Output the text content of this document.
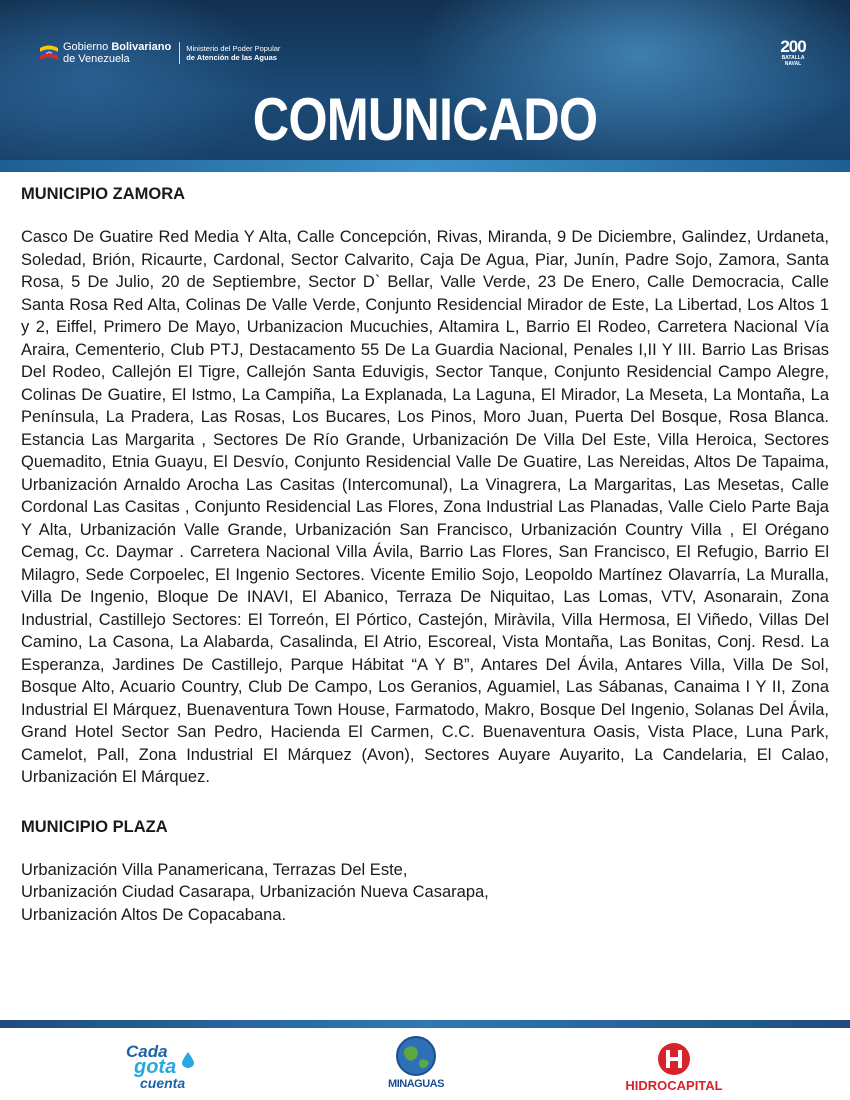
Gobierno Bolivariano
de Venezuela
Ministerio del Poder Popular
de Atención de las Aguas
200
BATALLA NAVAL
COMUNICADO
MUNICIPIO ZAMORA

Casco De Guatire Red Media Y Alta, Calle Concepción, Rivas, Miranda, 9 De Diciembre, Galindez, Urdaneta, Soledad, Brión, Ricaurte, Cardonal, Sector Calvarito, Caja De Agua, Piar, Junín, Padre Sojo, Zamora, Santa Rosa, 5 De Julio, 20 de Septiembre, Sector D` Bellar, Valle Verde, 23 De Enero, Calle Democracia, Calle Santa Rosa Red Alta, Colinas De Valle Verde, Conjunto Residencial Mirador de Este, La Libertad, Los Altos 1 y 2, Eiffel, Primero De Mayo, Urbanizacion Mucuchies, Altamira L, Barrio El Rodeo, Carretera Nacional Vía Araira, Cementerio, Club PTJ, Destacamento 55 De La Guardia Nacional, Penales I,II Y III. Barrio Las Brisas Del Rodeo, Callejón El Tigre, Callejón Santa Eduvigis, Sector Tanque, Conjunto Residencial Campo Alegre, Colinas De Guatire, El Istmo, La Campiña, La Explanada, La Laguna, El Mirador, La Meseta, La Montaña, La Península, La Pradera, Las Rosas, Los Bucares, Los Pinos, Moro Juan, Puerta Del Bosque, Rosa Blanca. Estancia Las Margarita , Sectores De Río Grande, Urbanización De Villa Del Este, Villa Heroica, Sectores Quemadito, Etnia Guayu, El Desvío, Conjunto Residencial Valle De Guatire, Las Nereidas, Altos De Tapaima, Urbanización Arnaldo Arocha Las Casitas (Intercomunal), La Vinagrera, La Margaritas, Las Mesetas, Calle Cordonal Las Casitas , Conjunto Residencial Las Flores, Zona Industrial Las Planadas, Valle Cielo Parte Baja Y Alta, Urbanización Valle Grande, Urbanización San Francisco, Urbanización Country Villa , El Orégano Cemag, Cc. Daymar . Carretera Nacional Villa Ávila, Barrio Las Flores, San Francisco, El Refugio, Barrio El Milagro, Sede Corpoelec, El Ingenio Sectores. Vicente Emilio Sojo, Leopoldo Martínez Olavarría, La Muralla, Villa De Ingenio, Bloque De INAVI, El Abanico, Terraza De Niquitao, Las Lomas, VTV, Asonarain, Zona Industrial, Castillejo Sectores: El Torreón, El Pórtico, Castejón, Miràvila, Villa Hermosa, El Viñedo, Villas Del Camino, La Casona, La Alabarda, Casalinda, El Atrio, Escoreal, Vista Montaña, Las Bonitas, Conj. Resd. La Esperanza, Jardines De Castillejo, Parque Hábitat “A Y B”, Antares Del Ávila, Antares Villa, Villa De Sol, Bosque Alto, Acuario Country, Club De Campo, Los Geranios, Aguamiel, Las Sábanas, Canaima I Y II, Zona Industrial El Márquez, Buenaventura Town House, Farmatodo, Makro, Bosque Del Ingenio, Solanas Del Ávila, Grand Hotel Sector San Pedro, Hacienda El Carmen, C.C. Buenaventura Oasis, Vista Place, Luna Park, Camelot, Pall, Zona Industrial El Márquez (Avon), Sectores Auyare Auyarito, La Candelaria, El Calao, Urbanización El Márquez.

MUNICIPIO PLAZA
Urbanización Villa Panamericana, Terrazas Del Este,
Urbanización Ciudad Casarapa, Urbanización Nueva Casarapa,
Urbanización Altos De Copacabana.
Cada
gota
cuenta	MINAGUAS	HIDROCAPITAL
